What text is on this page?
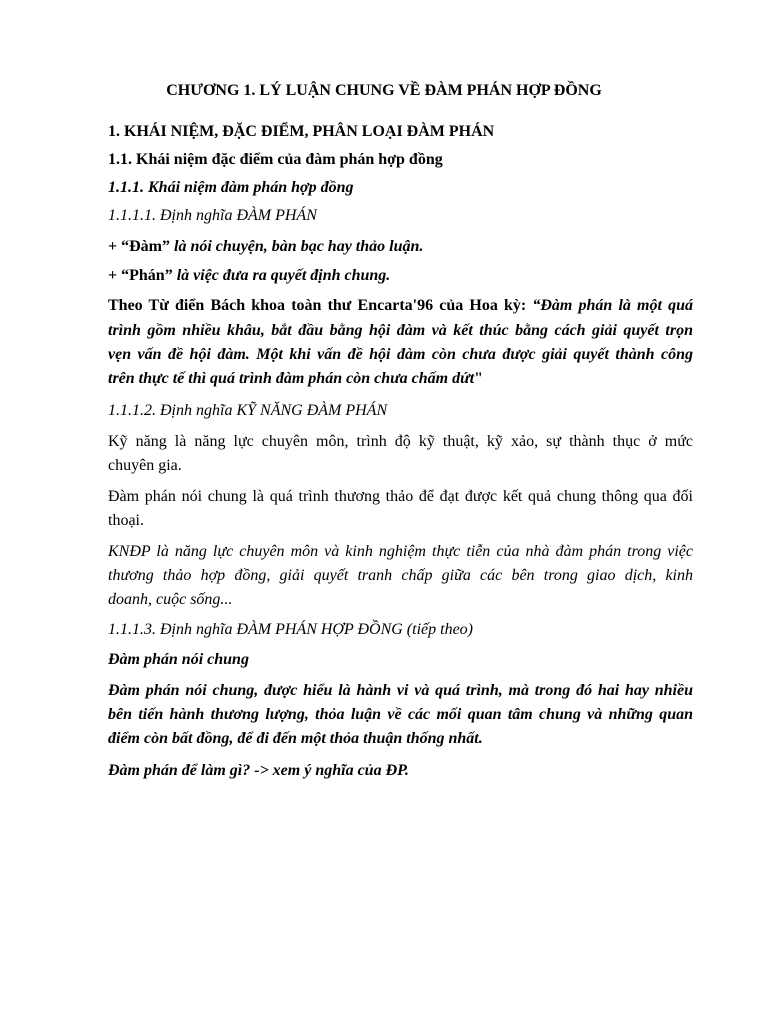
CHƯƠNG 1. LÝ LUẬN CHUNG VỀ ĐÀM PHÁN HỢP ĐỒNG
1. KHÁI NIỆM, ĐẶC ĐIỂM, PHÂN LOẠI ĐÀM PHÁN
1.1. Khái niệm đặc điểm của đàm phán hợp đồng
1.1.1. Khái niệm đàm phán hợp đồng
1.1.1.1. Định nghĩa ĐÀM PHÁN
+ “Đàm” là nói chuyện, bàn bạc hay thảo luận.
+ “Phán” là việc đưa ra quyết định chung.
Theo Từ điển Bách khoa toàn thư Encarta'96 của Hoa kỳ: “Đàm phán là một quá
trình gồm nhiều khâu, bắt đầu bằng hội đàm và kết thúc bằng cách giải quyết trọn
vẹn vấn đề hội đàm. Một khi vấn đề hội đàm còn chưa được giải quyết thành công
trên thực tế thì quá trình đàm phán còn chưa chấm dứt"
1.1.1.2. Định nghĩa KỸ NĂNG ĐÀM PHÁN
Kỹ năng là năng lực chuyên môn, trình độ kỹ thuật, kỹ xảo, sự thành thục ở mức
chuyên gia.
Đàm phán nói chung là quá trình thương thảo để đạt được kết quả chung thông qua đối
thoại.
KNĐP là năng lực chuyên môn và kinh nghiệm thực tiễn của nhà đàm phán trong việc
thương thảo hợp đồng, giải quyết tranh chấp giữa các bên trong giao dịch, kinh
doanh, cuộc sống...
1.1.1.3. Định nghĩa ĐÀM PHÁN HỢP ĐỒNG (tiếp theo)
Đàm phán nói chung
Đàm phán nói chung, được hiểu là hành vi và quá trình, mà trong đó hai hay nhiều
bên tiến hành thương lượng, thỏa luận về các mối quan tâm chung và những quan
điểm còn bất đồng, để đi đến một thỏa thuận thống nhất.
Đàm phán để làm gì? -> xem ý nghĩa của ĐP.
